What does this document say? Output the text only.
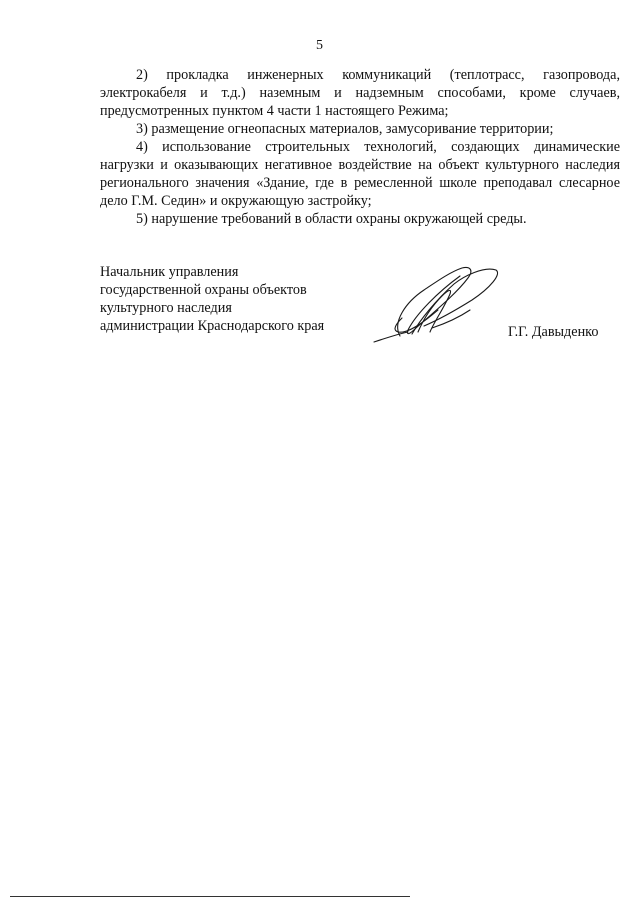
5

2) прокладка инженерных коммуникаций (теплотрасс, газопровода, электрокабеля и т.д.) наземным и надземным способами, кроме случаев, предусмотренных пунктом 4 части 1 настоящего Режима;

3) размещение огнеопасных материалов, замусоривание территории;

4) использование строительных технологий, создающих динамические нагрузки и оказывающих негативное воздействие на объект культурного наследия регионального значения «Здание, где в ремесленной школе преподавал слесарное дело Г.М. Седин» и окружающую застройку;

5) нарушение требований в области охраны окружающей среды.

Начальник управления
государственной охраны объектов
культурного наследия
администрации Краснодарского края	Г.Г. Давыденко
